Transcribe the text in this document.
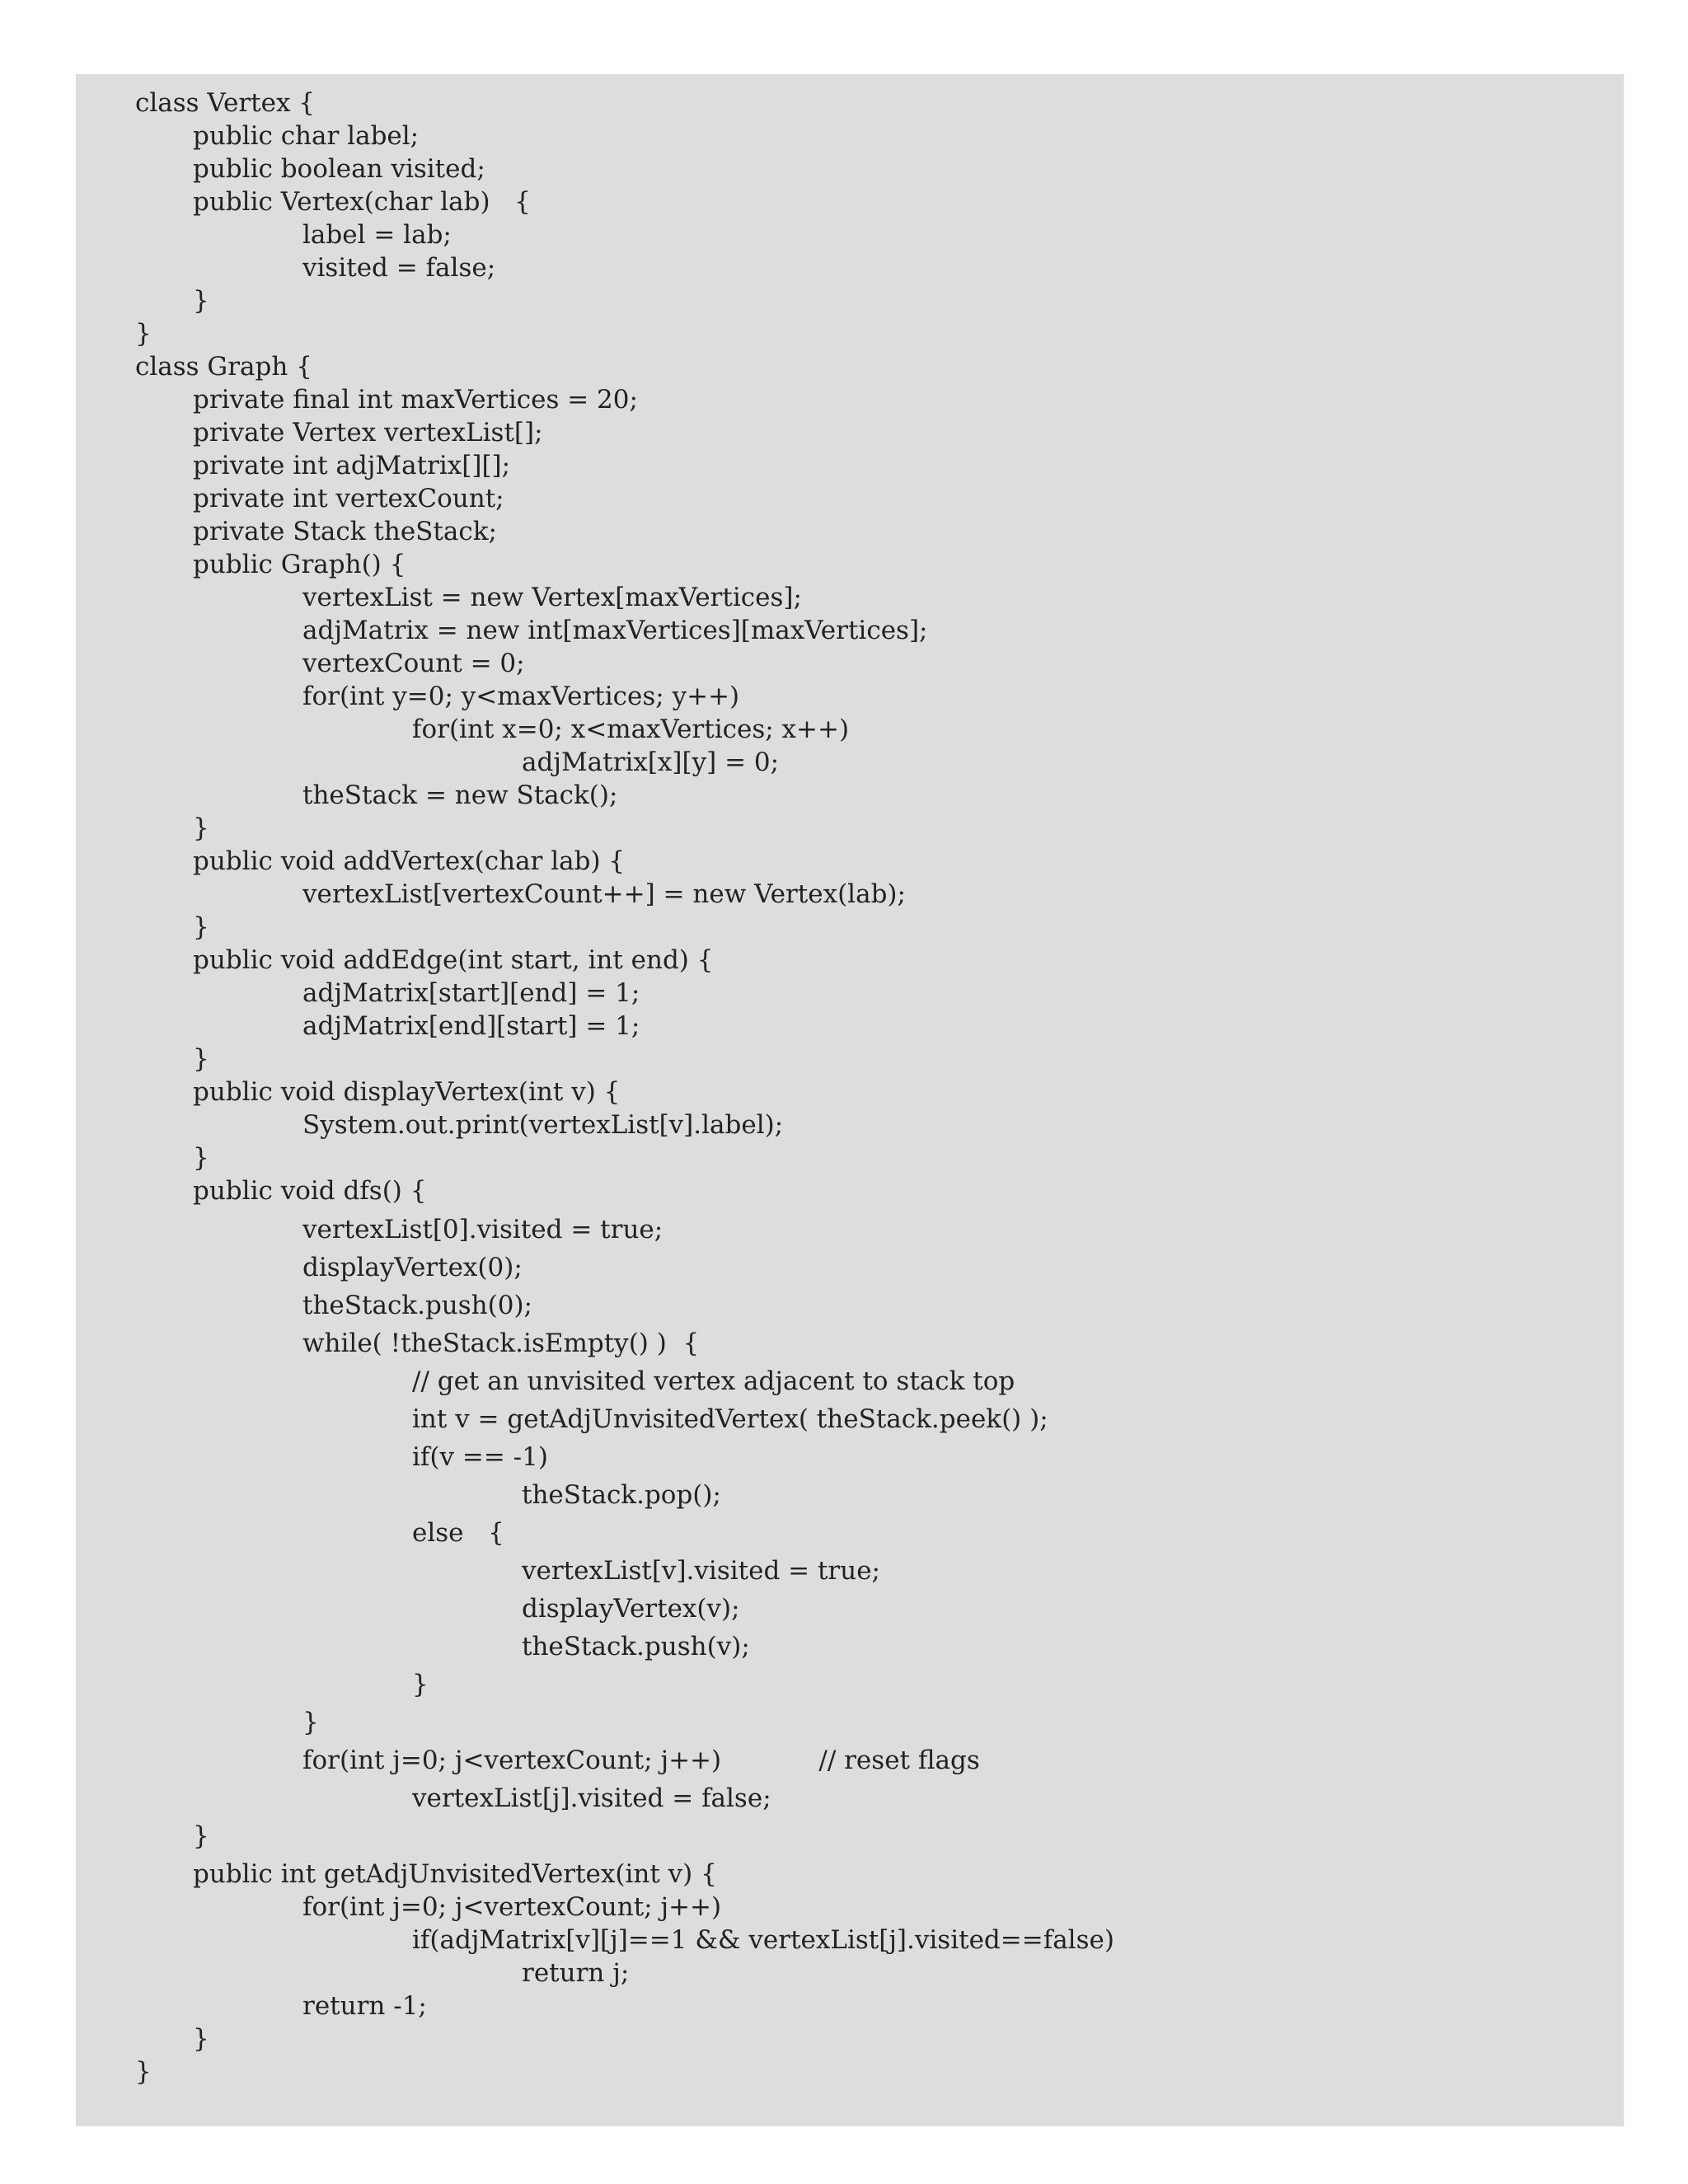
class Vertex {
public char label;
public boolean visited;
public Vertex(char lab)   {
label = lab;
visited = false;
}
}
class Graph {
private final int maxVertices = 20;
private Vertex vertexList[];
private int adjMatrix[][];
private int vertexCount;
private Stack theStack;
public Graph() {
vertexList = new Vertex[maxVertices];
adjMatrix = new int[maxVertices][maxVertices];
vertexCount = 0;
for(int y=0; y<maxVertices; y++)
for(int x=0; x<maxVertices; x++)
adjMatrix[x][y] = 0;
theStack = new Stack();
}
public void addVertex(char lab) {
vertexList[vertexCount++] = new Vertex(lab);
}
public void addEdge(int start, int end) {
adjMatrix[start][end] = 1;
adjMatrix[end][start] = 1;
}
public void displayVertex(int v) {
System.out.print(vertexList[v].label);
}
public void dfs() {
vertexList[0].visited = true;
displayVertex(0);
theStack.push(0);
while( !theStack.isEmpty() )  {
// get an unvisited vertex adjacent to stack top
int v = getAdjUnvisitedVertex( theStack.peek() );
if(v == -1)
theStack.pop();
else   {
vertexList[v].visited = true;
displayVertex(v);
theStack.push(v);
}
}
for(int j=0; j<vertexCount; j++)            // reset flags
vertexList[j].visited = false;
}
public int getAdjUnvisitedVertex(int v) {
for(int j=0; j<vertexCount; j++)
if(adjMatrix[v][j]==1 && vertexList[j].visited==false)
return j;
return -1;
}
}
